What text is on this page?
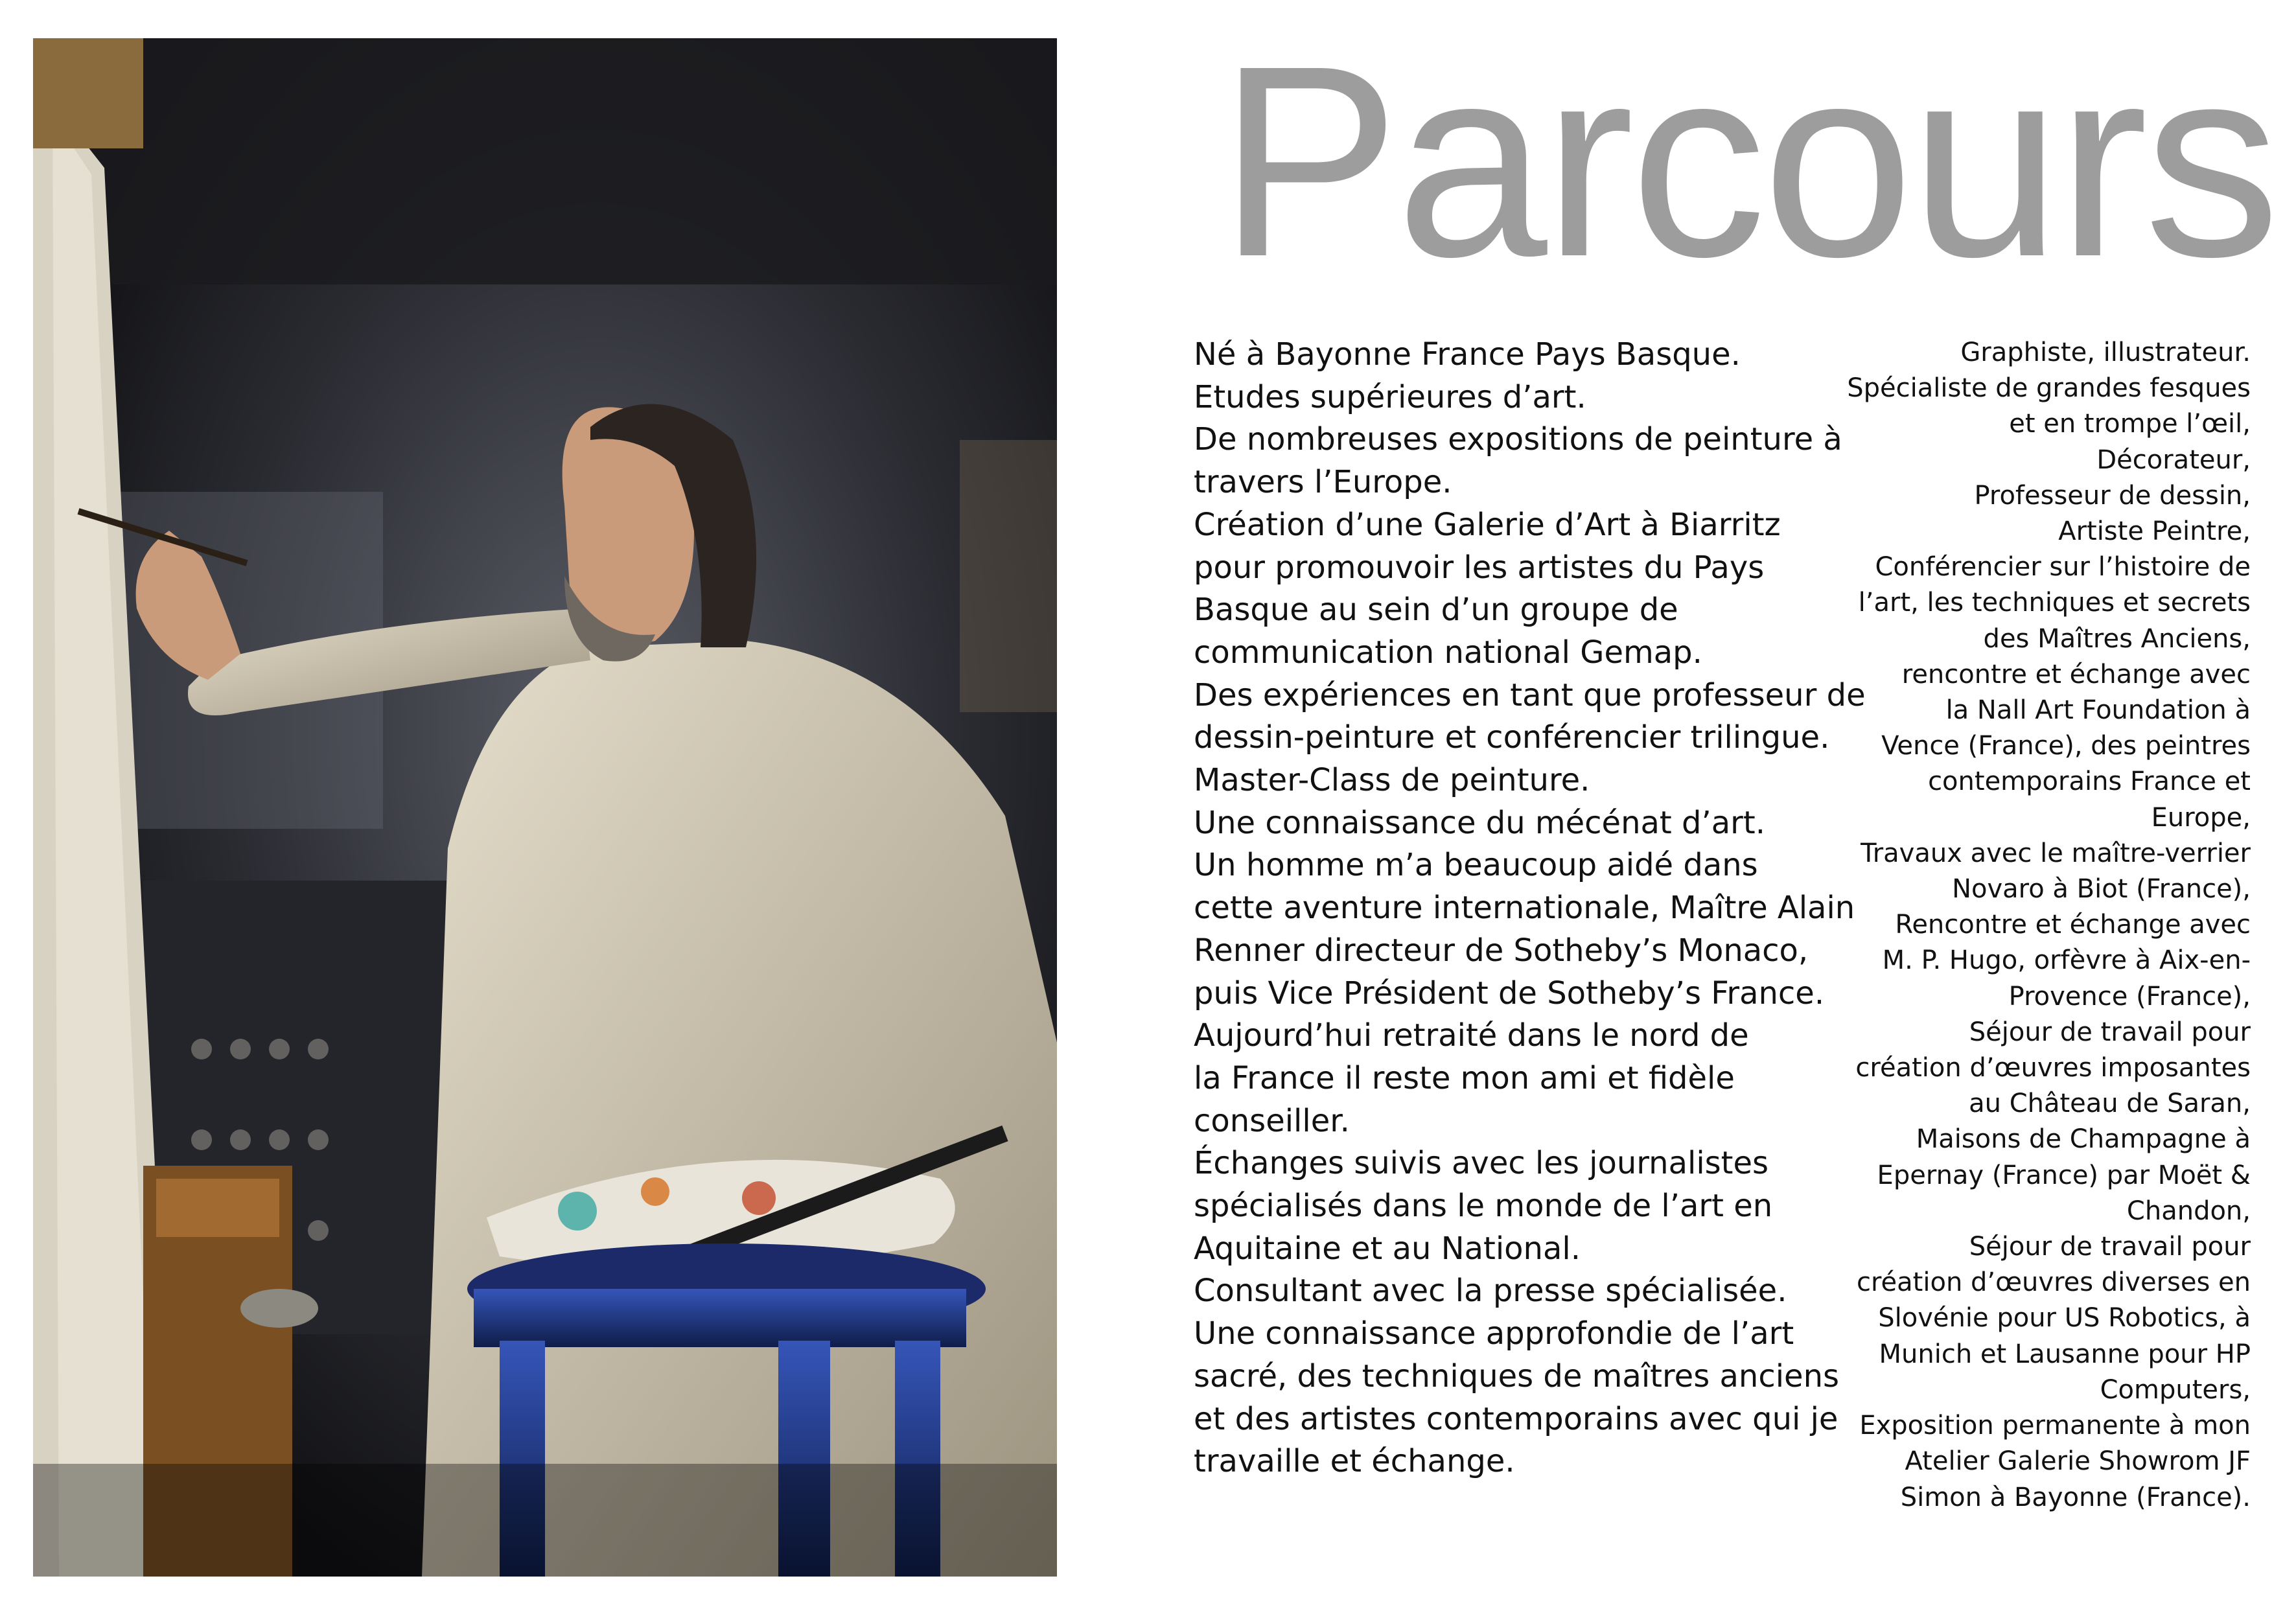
Parcours
Né à Bayonne France Pays Basque.
Etudes supérieures d’art.
De nombreuses expositions de peinture à
travers l’Europe.
Création d’une Galerie d’Art à Biarritz
pour promouvoir les artistes du Pays
Basque au sein d’un groupe de
communication national Gemap.
Des expériences en tant que professeur de
dessin-peinture et conférencier trilingue.
Master-Class de peinture.
Une connaissance du mécénat d’art.
Un homme m’a beaucoup aidé dans
cette aventure internationale, Maître Alain
Renner directeur de Sotheby’s Monaco,
puis Vice Président de Sotheby’s France.
Aujourd’hui retraité dans le nord de
la France il reste mon ami et fidèle
conseiller.
Échanges suivis avec les journalistes
spécialisés dans le monde de l’art en
Aquitaine et au National.
Consultant avec la presse spécialisée.
Une connaissance approfondie de l’art
sacré, des techniques de maîtres anciens
et des artistes contemporains avec qui je
travaille et échange.
Graphiste, illustrateur.
Spécialiste de grandes fesques
et en trompe l’œil,
Décorateur,
Professeur de dessin,
Artiste Peintre,
Conférencier sur l’histoire de
l’art, les techniques et secrets
des Maîtres Anciens,
rencontre et échange avec
la Nall Art Foundation à
Vence (France), des peintres
contemporains France et
Europe,
Travaux avec le maître-verrier
Novaro à Biot (France),
Rencontre et échange avec
M. P. Hugo, orfèvre à Aix-en-
Provence (France),
Séjour de travail pour
création d’œuvres imposantes
au Château de Saran,
Maisons de Champagne à
Epernay (France) par Moët &
Chandon,
Séjour de travail pour
création d’œuvres diverses en
Slovénie pour US Robotics, à
Munich et Lausanne pour HP
Computers,
Exposition permanente à mon
Atelier Galerie Showrom JF
Simon à Bayonne (France).
